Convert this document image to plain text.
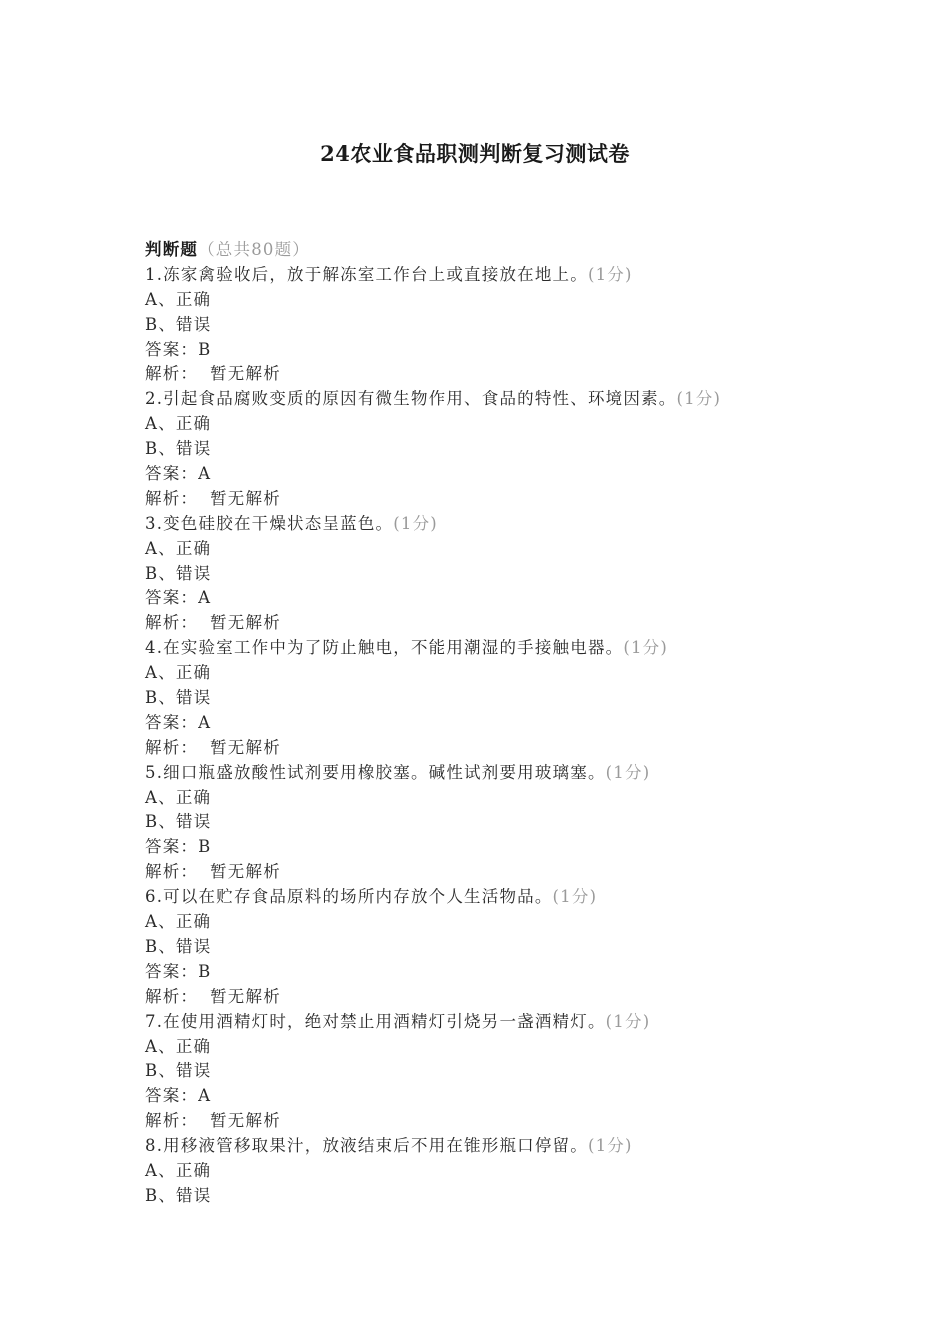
24农业食品职测判断复习测试卷
判断题（总共80题）
1.冻家禽验收后，放于解冻室工作台上或直接放在地上。(1分)
A、正确
B、错误
答案：B
解析： 暂无解析
2.引起食品腐败变质的原因有微生物作用、食品的特性、环境因素。(1分)
A、正确
B、错误
答案：A
解析： 暂无解析
3.变色硅胶在干燥状态呈蓝色。(1分)
A、正确
B、错误
答案：A
解析： 暂无解析
4.在实验室工作中为了防止触电，不能用潮湿的手接触电器。(1分)
A、正确
B、错误
答案：A
解析： 暂无解析
5.细口瓶盛放酸性试剂要用橡胶塞。碱性试剂要用玻璃塞。(1分)
A、正确
B、错误
答案：B
解析： 暂无解析
6.可以在贮存食品原料的场所内存放个人生活物品。(1分)
A、正确
B、错误
答案：B
解析： 暂无解析
7.在使用酒精灯时，绝对禁止用酒精灯引烧另一盏酒精灯。(1分)
A、正确
B、错误
答案：A
解析： 暂无解析
8.用移液管移取果汁，放液结束后不用在锥形瓶口停留。(1分)
A、正确
B、错误
